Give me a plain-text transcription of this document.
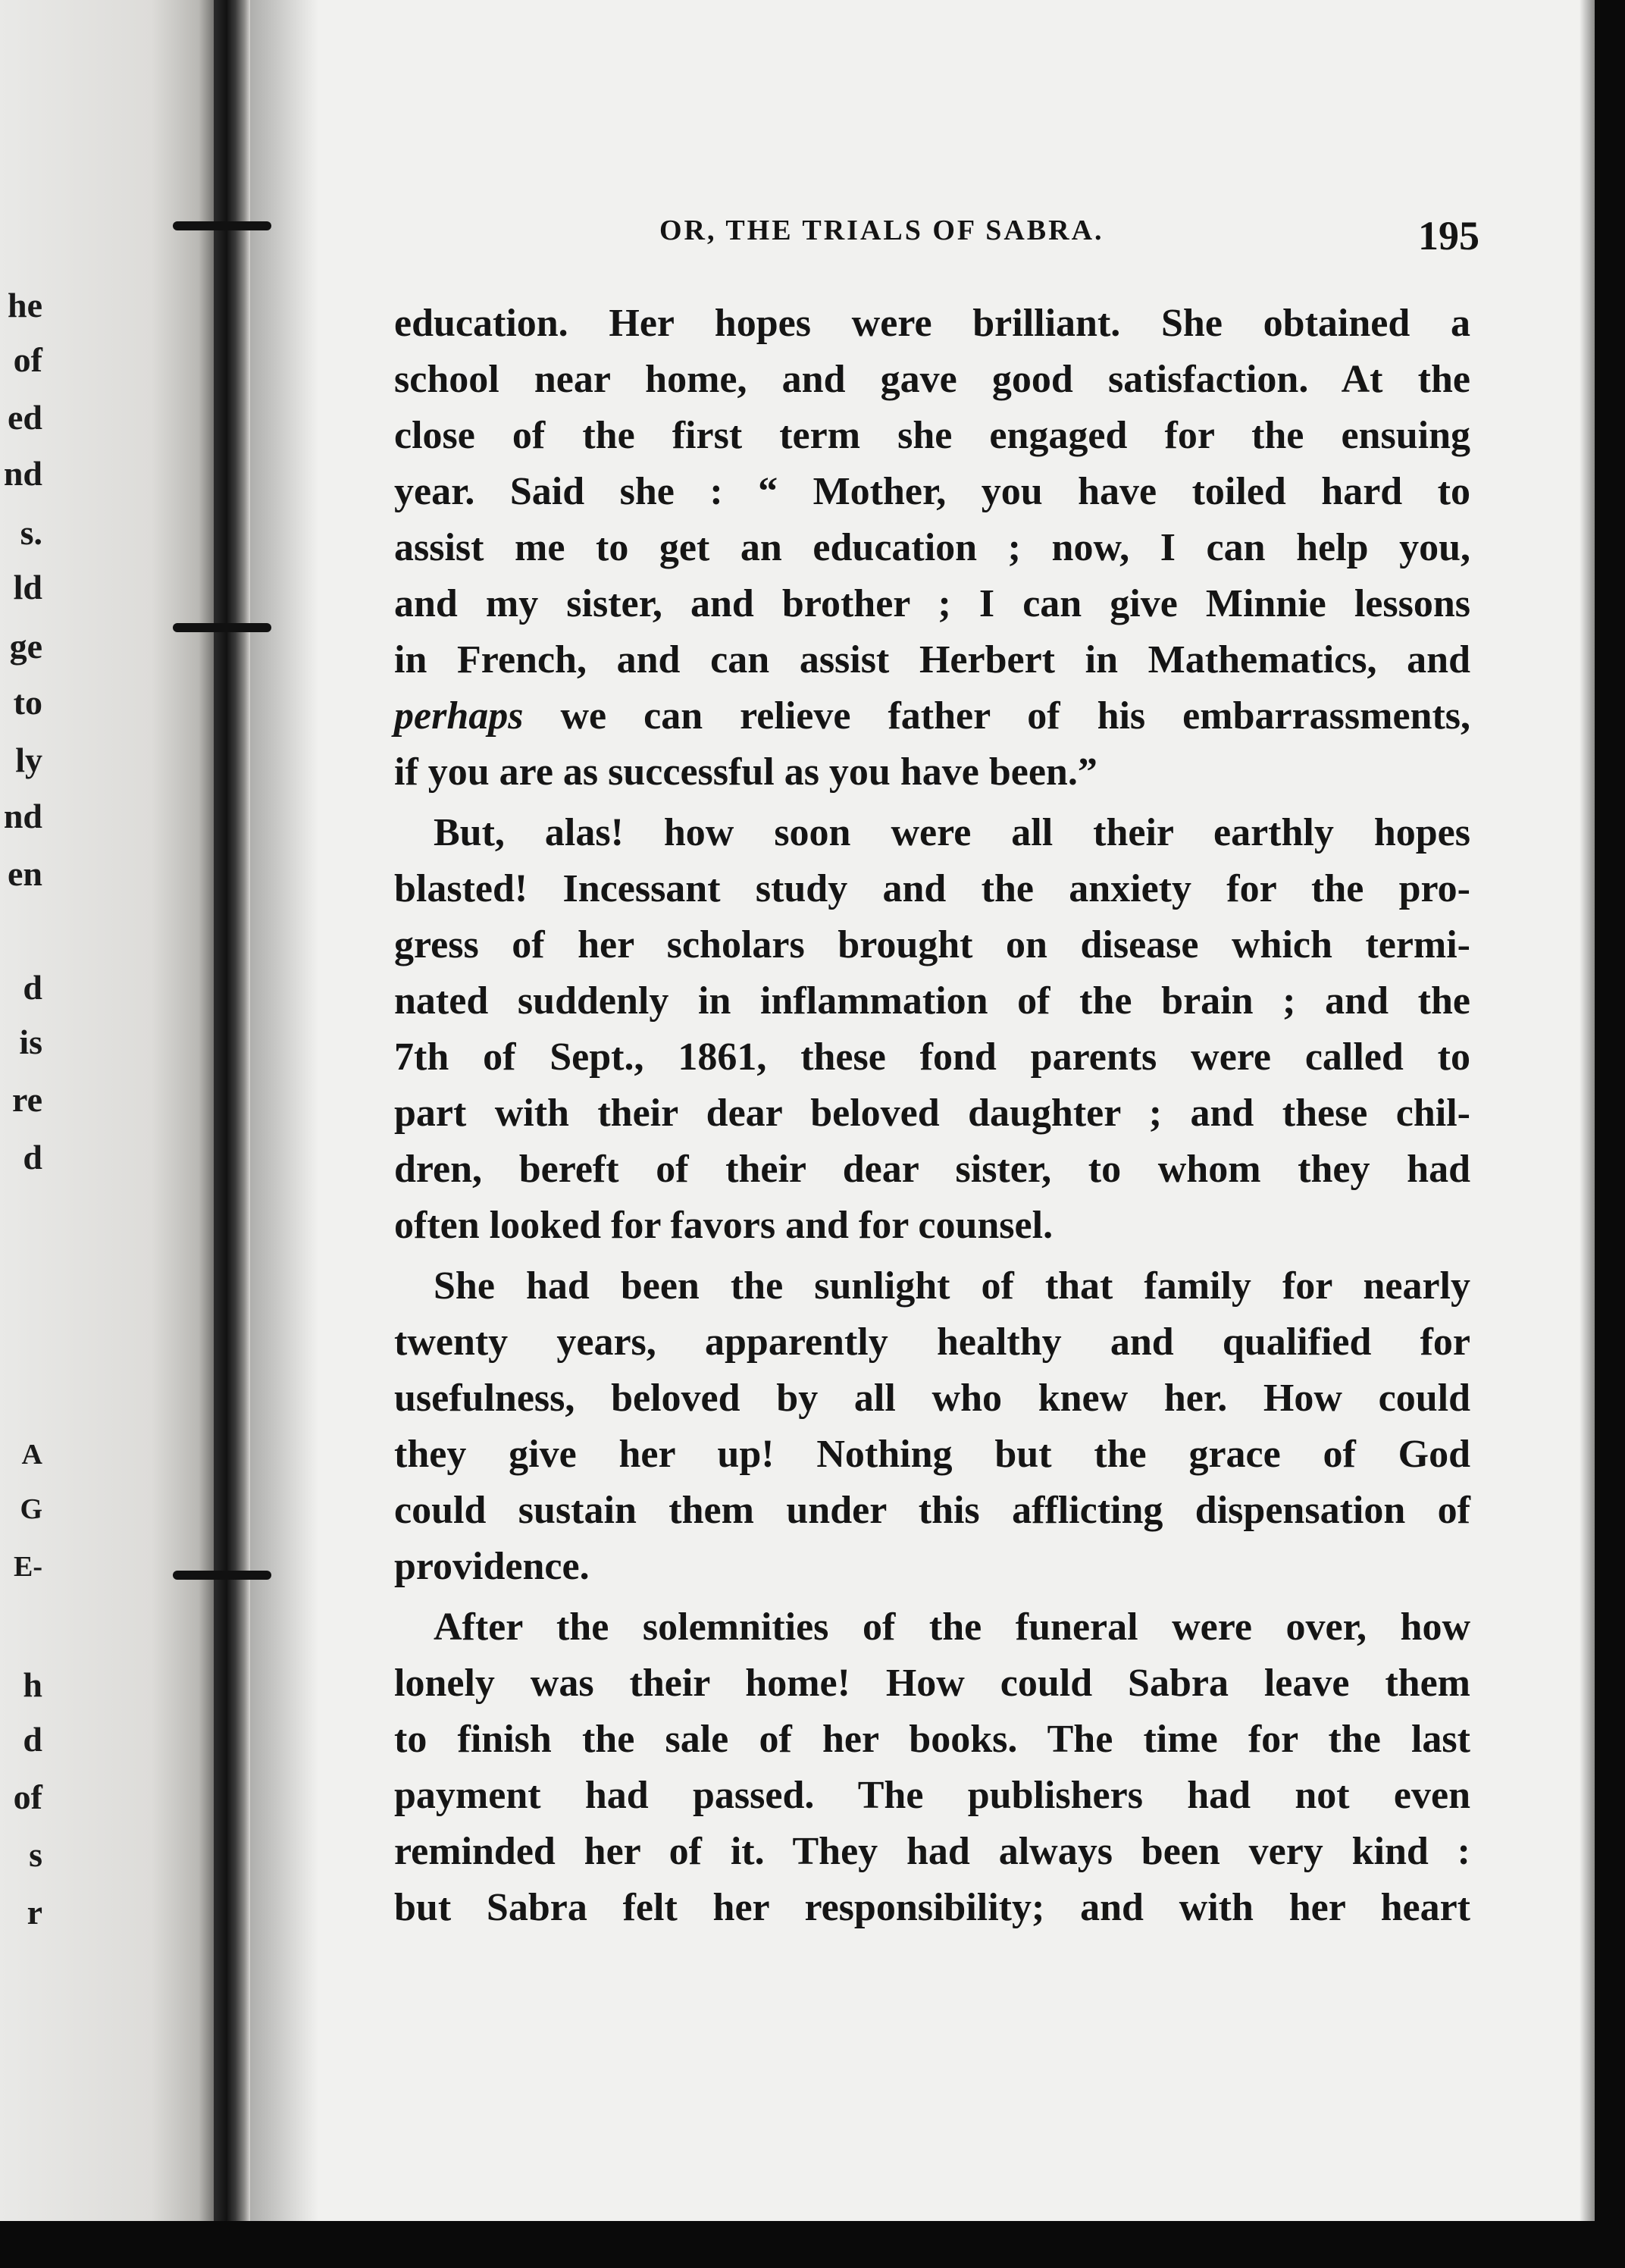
he
of
ed
nd
s.
ld
ge
to
ly
nd
en
d
is
re
d
A
G
E-
h
d
of
s
r
OR, THE TRIALS OF SABRA.	195
education. Her hopes were brilliant. She obtained a
school near home, and gave good satisfaction. At the
close of the first term she engaged for the ensuing
year. Said she : “ Mother, you have toiled hard to
assist me to get an education ; now, I can help you,
and my sister, and brother ; I can give Minnie lessons
in French, and can assist Herbert in Mathematics, and
perhaps we can relieve father of his embarrassments,
if you are as successful as you have been.”
But, alas! how soon were all their earthly hopes
blasted! Incessant study and the anxiety for the pro-
gress of her scholars brought on disease which termi-
nated suddenly in inflammation of the brain ; and the
7th of Sept., 1861, these fond parents were called to
part with their dear beloved daughter ; and these chil-
dren, bereft of their dear sister, to whom they had
often looked for favors and for counsel.
She had been the sunlight of that family for nearly
twenty years, apparently healthy and qualified for
usefulness, beloved by all who knew her. How could
they give her up! Nothing but the grace of God
could sustain them under this afflicting dispensation of
providence.
After the solemnities of the funeral were over, how
lonely was their home! How could Sabra leave them
to finish the sale of her books. The time for the last
payment had passed. The publishers had not even
reminded her of it. They had always been very kind :
but Sabra felt her responsibility; and with her heart
